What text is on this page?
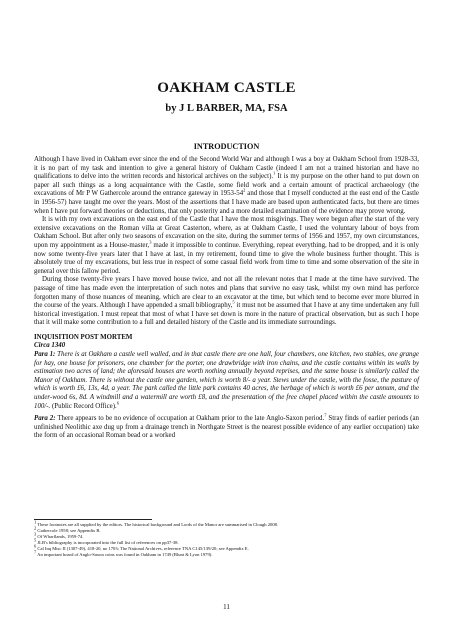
OAKHAM CASTLE

by J L BARBER, MA, FSA

INTRODUCTION

Although I have lived in Oakham ever since the end of the Second World War and although I was a boy at Oakham School from 1928-33, it is no part of my task and intention to give a general history of Oakham Castle (indeed I am not a trained historian and have no qualifications to delve into the written records and historical archives on the subject).$^1$ It is my purpose on the other hand to put down on paper all such things as a long acquaintance with the Castle, some field work and a certain amount of practical archaeology (the excavations of Mr P W Gathercole around the entrance gateway in $1953-54^2$ and those that I myself conducted at the east end of the Castle in 1956-57) have taught me over the years. Most of the assertions that I have made are based upon authenticated facts, but there are times when I have put forward theories or deductions, that only posterity and a more detailed examination of the evidence may prove wrong.

It is with my own excavations on the east end of the Castle that I have the most misgivings. They were begun after the start of the very extensive excavations on the Roman villa at Great Casterton, where, as at Oakham Castle, I used the voluntary labour of boys from Oakham School. But after only two seasons of excavation on the site, during the summer terms of 1956 and 1957, my own circumstances, upon my appointment as a House-master,$^3$ made it impossible to continue. Everything, repeat everything, had to be dropped, and it is only now some twenty-five years later that I have at last, in my retirement, found time to give the whole business further thought. This is absolutely true of my excavations, but less true in respect of some casual field work from time to time and some observation of the site in general over this fallow period.

During those twenty-five years I have moved house twice, and not all the relevant notes that I made at the time have survived. The passage of time has made even the interpretation of such notes and plans that survive no easy task, whilst my own mind has perforce forgotten many of those nuances of meaning, which are clear to an excavator at the time, but which tend to become ever more blurred in the course of the years. Although I have appended a small bibliography,$^5$ it must not be assumed that I have at any time undertaken any full historical investigation. I must repeat that most of what I have set down is more in the nature of practical observation, but as such I hope that it will make some contribution to a full and detailed history of the Castle and its immediate surroundings.

INQUISITION POST MORTEM

Circa 1340

Para 1: There is at Oakham a castle well walled, and in that castle there are one hall, four chambers, one kitchen, two stables, one grange for hay, one house for prisoners, one chamber for the porter, one drawbridge with iron chains, and the castle contains within its walls by estimation two acres of land; the aforesaid houses are worth nothing annually beyond reprises, and the same house is similarly called the Manor of Oakham. There is without the castle one garden, which is worth 8/- a year. Stews under the castle, with the fosse, the pasture of which is worth £6, 13s, 4d, a year. The park called the little park contains 40 acres, the herbage of which is worth £6 per annum, and the under-wood 6s, 8d. A windmill and a watermill are worth £8, and the presentation of the free chapel placed within the castle amounts to 100/-. (Public Record Office).$^6$

Para 2: There appears to be no evidence of occupation at Oakham prior to the late Anglo-Saxon period.$^7$ Stray finds of earlier periods (an unfinished Neolithic axe dug up from a drainage trench in Northgate Street is the nearest possible evidence of any earlier occupation) take the form of an occasional Roman bead or a worked

$^1$ These footnotes are all supplied by the editors. The historical background and Lords of the Manor are summarised in Clough 2008.

$^2$ Gathercole 1958; see Appendix B.

$^3$ Of Wharflands, 1959-74.

$^5$ JLB's bibliography is incorporated into the full list of references on pp37-38.

$^6$ Cal Inq Misc II (1307-49), 418-20, no 1703; The National Archives, reference TNA C145/139/20; see Appendix E.

$^7$ An important hoard of Anglo-Saxon coins was found in Oakham in 1749 (Blunt & Lyon 1979).

11
